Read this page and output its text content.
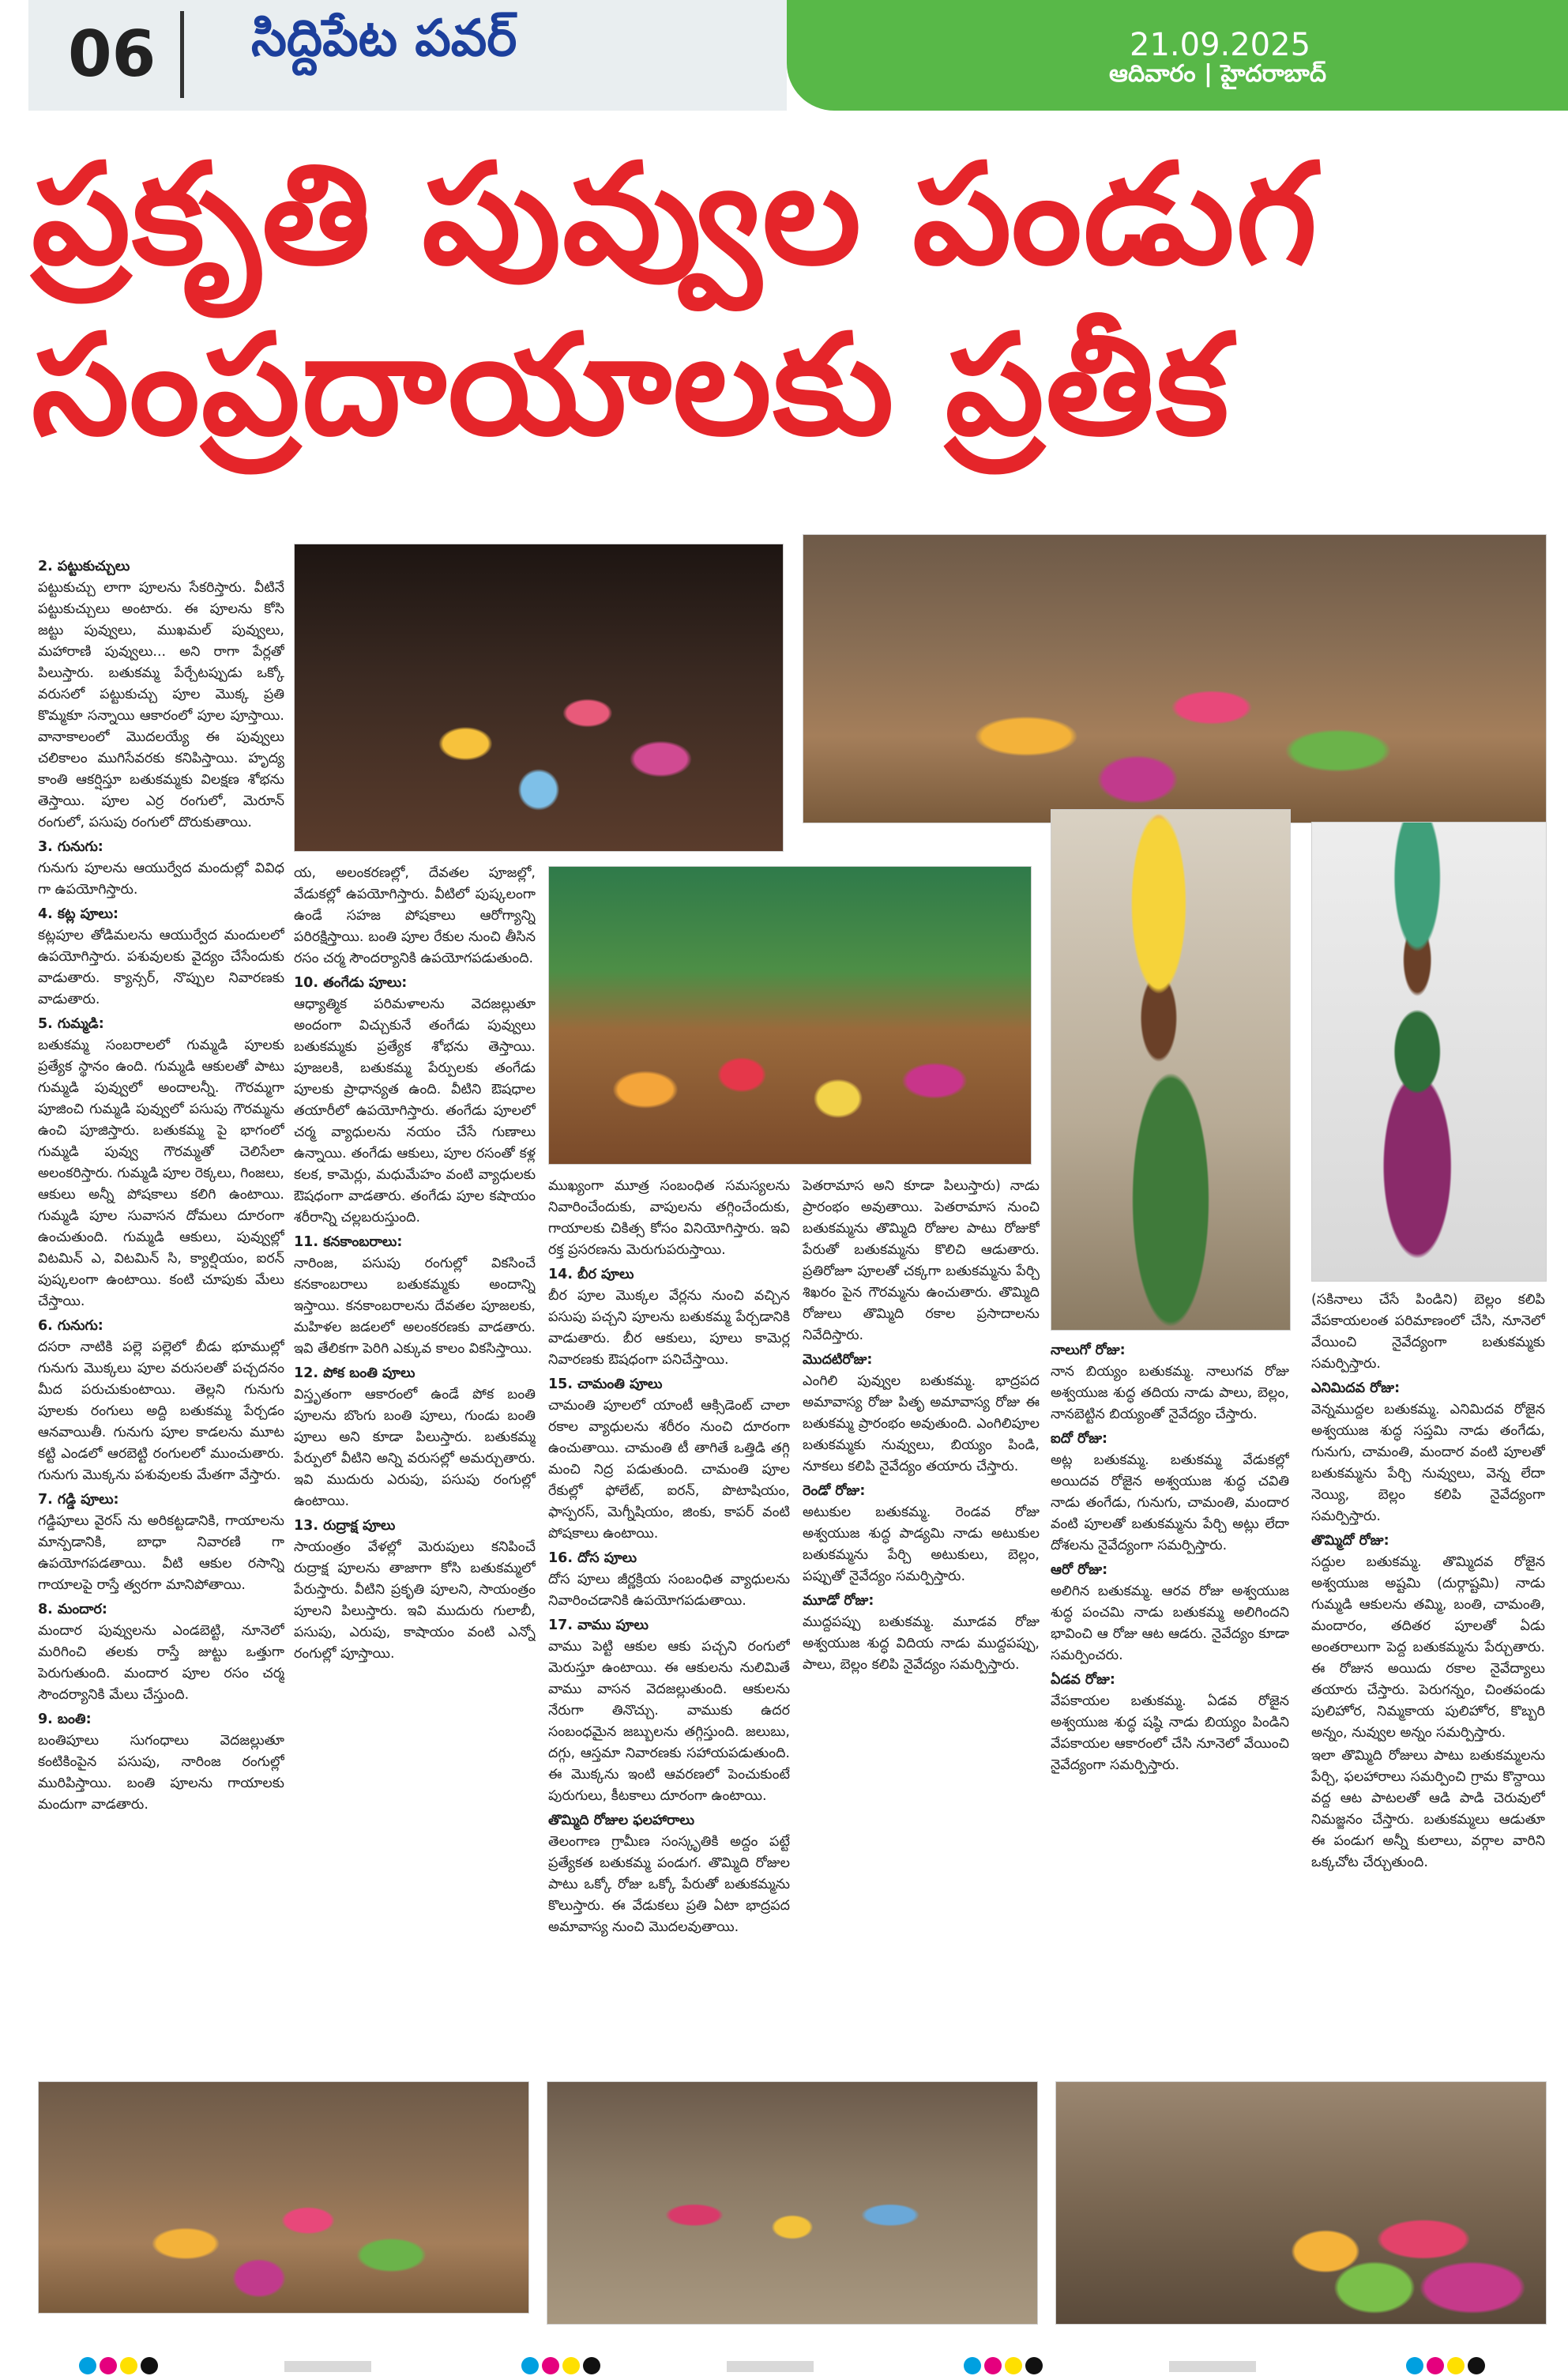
06 సిద్దిపేట పవర్	21.09.2025
ఆదివారం | హైదరాబాద్
ప్రకృతి పువ్వుల పండుగ
సంప్రదాయాలకు ప్రతీక

2. పట్టుకుచ్చులు
పట్టుకుచ్చు లాగా పూలను సేకరిస్తారు. వీటినే పట్టుకుచ్చులు అంటారు. ఈ పూలను కోసి జట్టు పువ్వులు, ముఖమల్ పువ్వులు, మహారాణి పువ్వులు... అని రాగా పేర్లతో పిలుస్తారు. బతుకమ్మ పేర్చేటప్పుడు ఒక్కో వరుసలో పట్టుకుచ్చు పూల మొక్క ప్రతి కొమ్మకూ సన్నాయి ఆకారంలో పూల పూస్తాయి. వానాకాలంలో మొదలయ్యే ఈ పువ్వులు చలికాలం ముగిసేవరకు కనిపిస్తాయి. హృద్య కాంతి ఆకర్షిస్తూ బతుకమ్మకు విలక్షణ శోభను తెస్తాయి. పూల ఎర్ర రంగులో, మెరూన్ రంగులో, పసుపు రంగులో దొరుకుతాయి.

3. గునుగు:
గునుగు పూలను ఆయుర్వేద మందుల్లో వివిధ గా ఉపయోగిస్తారు.

4. కట్ల పూలు:
కట్లపూల తోడిమలను ఆయుర్వేద మందులలో ఉపయోగిస్తారు. పశువులకు వైద్యం చేసేందుకు వాడుతారు. క్యాన్సర్, నొప్పుల నివారణకు వాడుతారు.

5. గుమ్మడి:
బతుకమ్మ సంబరాలలో గుమ్మడి పూలకు ప్రత్యేక స్థానం ఉంది. గుమ్మడి ఆకులతో పాటు గుమ్మడి పువ్వులో అందాలన్నీ. గౌరమ్మగా పూజించి గుమ్మడి పువ్వులో పసుపు గౌరమ్మను ఉంచి పూజిస్తారు. బతుకమ్మ పై భాగంలో గుమ్మడి పువ్వు గౌరమ్మతో చెలిసేలా అలంకరిస్తారు. గుమ్మడి పూల రెక్కలు, గింజలు, ఆకులు అన్నీ పోషకాలు కలిగి ఉంటాయి. గుమ్మడి పూల సువాసన దోమలు దూరంగా ఉంచుతుంది. గుమ్మడి ఆకులు, పువ్వుల్లో విటమిన్ ఎ, విటమిన్ సి, క్యాల్షియం, ఐరన్ పుష్కలంగా ఉంటాయి. కంటి చూపుకు మేలు చేస్తాయి.

6. గునుగు:
దసరా నాటికి పల్లె పల్లెలో బీడు భూముల్లో గునుగు మొక్కలు పూల వరుసలతో పచ్చదనం మీద పరుచుకుంటాయి. తెల్లని గునుగు పూలకు రంగులు అద్ది బతుకమ్మ పేర్చడం ఆనవాయితీ. గునుగు పూల కాడలను మూట కట్టి ఎండలో ఆరబెట్టి రంగులలో ముంచుతారు. గునుగు మొక్కను పశువులకు మేతగా వేస్తారు.

7. గడ్డి పూలు:
గడ్డిపూలు వైరస్ ను అరికట్టడానికి, గాయాలను మాన్పడానికి, బాధా నివారణి గా ఉపయోగపడతాయి. వీటి ఆకుల రసాన్ని గాయాలపై రాస్తే త్వరగా మానిపోతాయి.

8. మందార:
మందార పువ్వులను ఎండబెట్టి, నూనెలో మరిగించి తలకు రాస్తే జుట్టు ఒత్తుగా పెరుగుతుంది. మందార పూల రసం చర్మ సౌందర్యానికి మేలు చేస్తుంది.

9. బంతి:
బంతిపూలు సుగంధాలు వెదజల్లుతూ కంటికింపైన పసుపు, నారింజ రంగుల్లో మురిపిస్తాయి. బంతి పూలను గాయాలకు మందుగా వాడతారు.

య, అలంకరణల్లో, దేవతల పూజల్లో, వేడుకల్లో ఉపయోగిస్తారు. వీటిలో పుష్కలంగా ఉండే సహజ పోషకాలు ఆరోగ్యాన్ని పరిరక్షిస్తాయి. బంతి పూల రేకుల నుంచి తీసిన రసం చర్మ సౌందర్యానికి ఉపయోగపడుతుంది.

10. తంగేడు పూలు:
ఆధ్యాత్మిక పరిమళాలను వెదజల్లుతూ అందంగా విచ్చుకునే తంగేడు పువ్వులు బతుకమ్మకు ప్రత్యేక శోభను తెస్తాయి. పూజలకి, బతుకమ్మ పేర్పులకు తంగేడు పూలకు ప్రాధాన్యత ఉంది. వీటిని ఔషధాల తయారీలో ఉపయోగిస్తారు. తంగేడు పూలలో చర్మ వ్యాధులను నయం చేసే గుణాలు ఉన్నాయి. తంగేడు ఆకులు, పూల రసంతో కళ్ల కలక, కామెర్లు, మధుమేహం వంటి వ్యాధులకు ఔషధంగా వాడతారు. తంగేడు పూల కషాయం శరీరాన్ని చల్లబరుస్తుంది.

11. కనకాంబరాలు:
నారింజ, పసుపు రంగుల్లో వికసించే కనకాంబరాలు బతుకమ్మకు అందాన్ని ఇస్తాయి. కనకాంబరాలను దేవతల పూజలకు, మహిళల జడలలో అలంకరణకు వాడతారు. ఇవి తేలికగా పెరిగి ఎక్కువ కాలం వికసిస్తాయి.

12. పోక బంతి పూలు
విస్తృతంగా ఆకారంలో ఉండే పోక బంతి పూలను బొంగు బంతి పూలు, గుండు బంతి పూలు అని కూడా పిలుస్తారు. బతుకమ్మ పేర్పులో వీటిని అన్ని వరుసల్లో అమర్చుతారు. ఇవి ముదురు ఎరుపు, పసుపు రంగుల్లో ఉంటాయి.

13. రుద్రాక్ష పూలు
సాయంత్రం వేళల్లో మెరుపులు కనిపించే రుద్రాక్ష పూలను తాజాగా కోసి బతుకమ్మలో పేరుస్తారు. వీటిని ప్రకృతి పూలని, సాయంత్రం పూలని పిలుస్తారు. ఇవి ముదురు గులాబీ, పసుపు, ఎరుపు, కాషాయం వంటి ఎన్నో రంగుల్లో పూస్తాయి.

ముఖ్యంగా మూత్ర సంబంధిత సమస్యలను నివారించేందుకు, వాపులను తగ్గించేందుకు, గాయాలకు చికిత్స కోసం వినియోగిస్తారు. ఇవి రక్త ప్రసరణను మెరుగుపరుస్తాయి.

14. బీర పూలు
బీర పూల మొక్కల వేర్లను నుంచి వచ్చిన పసుపు పచ్చని పూలను బతుకమ్మ పేర్చడానికి వాడుతారు. బీర ఆకులు, పూలు కామెర్ల నివారణకు ఔషధంగా పనిచేస్తాయి.

15. చామంతి పూలు
చామంతి పూలలో యాంటీ ఆక్సిడెంట్ చాలా రకాల వ్యాధులను శరీరం నుంచి దూరంగా ఉంచుతాయి. చామంతి టీ తాగితే ఒత్తిడి తగ్గి మంచి నిద్ర పడుతుంది. చామంతి పూల రేకుల్లో ఫోలేట్, ఐరన్, పొటాషియం, ఫాస్పరస్, మెగ్నీషియం, జింకు, కాపర్ వంటి పోషకాలు ఉంటాయి.

16. దోస పూలు
దోస పూలు జీర్ణక్రియ సంబంధిత వ్యాధులను నివారించడానికి ఉపయోగపడుతాయి.

17. వాము పూలు
వాము పెట్టి ఆకుల ఆకు పచ్చని రంగులో మెరుస్తూ ఉంటాయి. ఈ ఆకులను నులిమితే వాము వాసన వెదజల్లుతుంది. ఆకులను నేరుగా తినొచ్చు. వాముకు ఉదర సంబంధమైన జబ్బులను తగ్గిస్తుంది. జలుబు, దగ్గు, ఆస్తమా నివారణకు సహాయపడుతుంది. ఈ మొక్కను ఇంటి ఆవరణలో పెంచుకుంటే పురుగులు, కీటకాలు దూరంగా ఉంటాయి.

తొమ్మిది రోజుల ఫలహారాలు
తెలంగాణ గ్రామీణ సంస్కృతికి అద్దం పట్టే ప్రత్యేకత బతుకమ్మ పండుగ. తొమ్మిది రోజుల పాటు ఒక్కో రోజు ఒక్కో పేరుతో బతుకమ్మను కొలుస్తారు. ఈ వేడుకలు ప్రతి ఏటా భాద్రపద అమావాస్య నుంచి మొదలవుతాయి.

పెతరామాస అని కూడా పిలుస్తారు) నాడు ప్రారంభం అవుతాయి. పెతరామాస నుంచి బతుకమ్మను తొమ్మిది రోజుల పాటు రోజుకో పేరుతో బతుకమ్మను కొలిచి ఆడుతారు. ప్రతిరోజూ పూలతో చక్కగా బతుకమ్మను పేర్చి శిఖరం పైన గౌరమ్మను ఉంచుతారు. తొమ్మిది రోజులు తొమ్మిది రకాల ప్రసాదాలను నివేదిస్తారు.

మొదటిరోజు:
ఎంగిలి పువ్వుల బతుకమ్మ. భాద్రపద అమావాస్య రోజు పితృ అమావాస్య రోజు ఈ బతుకమ్మ ప్రారంభం అవుతుంది. ఎంగిలిపూల బతుకమ్మకు నువ్వులు, బియ్యం పిండి, నూకలు కలిపి నైవేద్యం తయారు చేస్తారు.

రెండో రోజు:
అటుకుల బతుకమ్మ. రెండవ రోజు అశ్వయుజ శుద్ధ పాడ్యమి నాడు అటుకుల బతుకమ్మను పేర్చి అటుకులు, బెల్లం, పప్పుతో నైవేద్యం సమర్పిస్తారు.

మూడో రోజు:
ముద్దపప్పు బతుకమ్మ. మూడవ రోజు అశ్వయుజ శుద్ధ విదియ నాడు ముద్దపప్పు, పాలు, బెల్లం కలిపి నైవేద్యం సమర్పిస్తారు.

నాలుగో రోజు:
నాన బియ్యం బతుకమ్మ. నాలుగవ రోజు అశ్వయుజ శుద్ధ తదియ నాడు పాలు, బెల్లం, నానబెట్టిన బియ్యంతో నైవేద్యం చేస్తారు.

ఐదో రోజు:
అట్ల బతుకమ్మ. బతుకమ్మ వేడుకల్లో అయిదవ రోజైన అశ్వయుజ శుద్ధ చవితి నాడు తంగేడు, గునుగు, చామంతి, మందార వంటి పూలతో బతుకమ్మను పేర్చి అట్లు లేదా దోశలను నైవేద్యంగా సమర్పిస్తారు.

ఆరో రోజు:
అలిగిన బతుకమ్మ. ఆరవ రోజు అశ్వయుజ శుద్ధ పంచమి నాడు బతుకమ్మ అలిగిందని భావించి ఆ రోజు ఆట ఆడరు. నైవేద్యం కూడా సమర్పించరు.

ఏడవ రోజు:
వేపకాయల బతుకమ్మ. ఏడవ రోజైన అశ్వయుజ శుద్ధ షష్ఠి నాడు బియ్యం పిండిని వేపకాయల ఆకారంలో చేసి నూనెలో వేయించి నైవేద్యంగా సమర్పిస్తారు.

(సకినాలు చేసే పిండిని) బెల్లం కలిపి వేపకాయలంత పరిమాణంలో చేసి, నూనెలో వేయించి నైవేద్యంగా బతుకమ్మకు సమర్పిస్తారు.

ఎనిమిదవ రోజు:
వెన్నముద్దల బతుకమ్మ. ఎనిమిదవ రోజైన అశ్వయుజ శుద్ధ సప్తమి నాడు తంగేడు, గునుగు, చామంతి, మందార వంటి పూలతో బతుకమ్మను పేర్చి నువ్వులు, వెన్న లేదా నెయ్యి, బెల్లం కలిపి నైవేద్యంగా సమర్పిస్తారు.

తొమ్మిదో రోజు:
సద్దుల బతుకమ్మ. తొమ్మిదవ రోజైన అశ్వయుజ అష్టమి (దుర్గాష్టమి) నాడు గుమ్మడి ఆకులను తమ్మి, బంతి, చామంతి, మందారం, తదితర పూలతో ఏడు అంతరాలుగా పెద్ద బతుకమ్మను పేర్చుతారు. ఈ రోజున అయిదు రకాల నైవేద్యాలు తయారు చేస్తారు. పెరుగన్నం, చింతపండు పులిహోర, నిమ్మకాయ పులిహోర, కొబ్బరి అన్నం, నువ్వుల అన్నం సమర్పిస్తారు.

ఇలా తొమ్మిది రోజులు పాటు బతుకమ్మలను పేర్చి, ఫలహారాలు సమర్పించి గ్రామ కొన్దాయి వద్ద ఆట పాటలతో ఆడి పాడి చెరువులో నిమజ్జనం చేస్తారు. బతుకమ్మలు ఆడుతూ ఈ పండుగ అన్నీ కులాలు, వర్గాల వారిని ఒక్కచోట చేర్చుతుంది.
